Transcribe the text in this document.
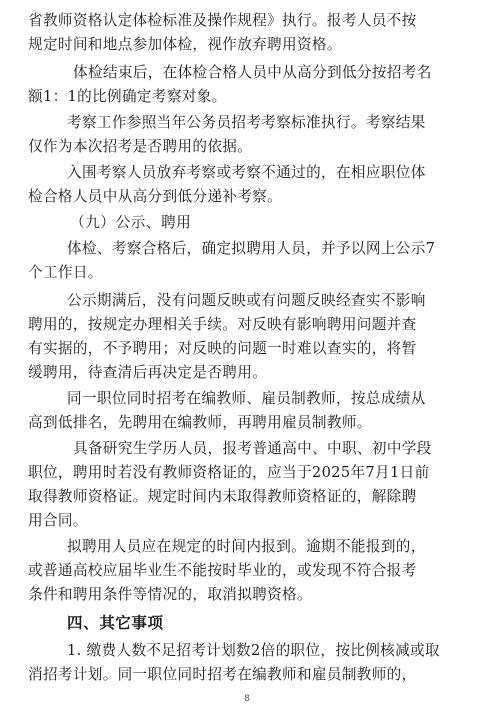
省教师资格认定体检标准及操作规程》执行。报考人员不按
规定时间和地点参加体检，视作放弃聘用资格。
体检结束后，在体检合格人员中从高分到低分按招考名
额1：1的比例确定考察对象。
考察工作参照当年公务员招考考察标准执行。考察结果
仅作为本次招考是否聘用的依据。
入围考察人员放弃考察或考察不通过的，在相应职位体
检合格人员中从高分到低分递补考察。
（九）公示、聘用
体检、考察合格后，确定拟聘用人员，并予以网上公示7
个工作日。
公示期满后，没有问题反映或有问题反映经查实不影响
聘用的，按规定办理相关手续。对反映有影响聘用问题并查
有实据的，不予聘用；对反映的问题一时难以查实的，将暂
缓聘用，待查清后再决定是否聘用。
同一职位同时招考在编教师、雇员制教师，按总成绩从
高到低排名，先聘用在编教师，再聘用雇员制教师。
具备研究生学历人员，报考普通高中、中职、初中学段
职位，聘用时若没有教师资格证的，应当于2025年7月1日前
取得教师资格证。规定时间内未取得教师资格证的，解除聘
用合同。
拟聘用人员应在规定的时间内报到。逾期不能报到的，
或普通高校应届毕业生不能按时毕业的，或发现不符合报考
条件和聘用条件等情况的，取消拟聘资格。
8
四、其它事项
1. 缴费人数不足招考计划数2倍的职位，按比例核减或取
消招考计划。同一职位同时招考在编教师和雇员制教师的，
